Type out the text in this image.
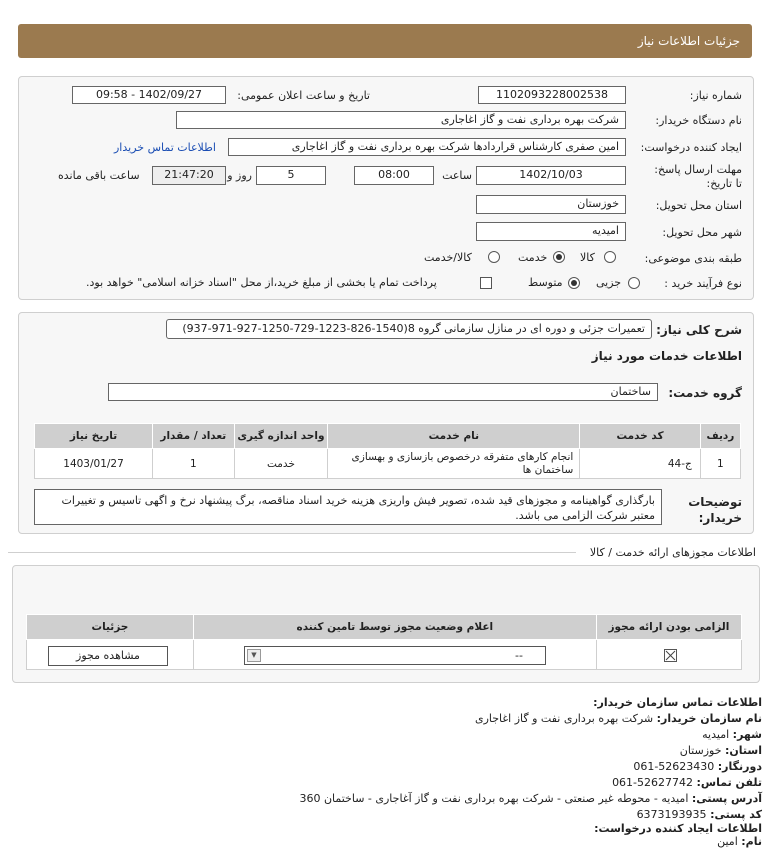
جزئیات اطلاعات نیاز
شماره نیاز:
1102093228002538
تاریخ و ساعت اعلان عمومی:
1402/09/27 - 09:58
نام دستگاه خریدار:
شرکت بهره برداری نفت و گاز اغاجاری
ایجاد کننده درخواست:
امین صفری کارشناس قراردادها شرکت بهره برداری نفت و گاز اغاجاری
اطلاعات تماس خریدار
مهلت ارسال پاسخ: تا تاریخ:
1402/10/03
ساعت
08:00
5
روز و
21:47:20
ساعت باقی مانده
استان محل تحویل:
خوزستان
شهر محل تحویل:
امیدیه
طبقه بندی موضوعی:
کالا
خدمت
کالا/خدمت
نوع فرآیند خرید :
جزیی
متوسط
پرداخت تمام یا بخشی از مبلغ خرید،از محل "اسناد خزانه اسلامی" خواهد بود.
شرح کلی نیاز:
تعمیرات جزئی و دوره ای در منازل سازمانی گروه 8(1540-826-1223-729-1250-927-971-937)
اطلاعات خدمات مورد نیاز
گروه خدمت:
ساختمان
تاریخ نیاز	تعداد / مقدار	واحد اندازه گیری	نام خدمت	کد خدمت	ردیف
1403/01/27	1	خدمت	انجام کارهای متفرقه درخصوص بازسازی و بهسازی ساختمان ها	ج-44	1
توضیحات خریدار:
بارگذاری گواهینامه و مجوزهای قید شده، تصویر فیش واریزی هزینه خرید اسناد مناقصه، برگ پیشنهاد نرخ و اگهی تاسیس و تغییرات معتبر شرکت الزامی می باشد.
اطلاعات مجوزهای ارائه خدمت / کالا
جزئیات	اعلام وضعیت مجوز توسط تامین کننده	الزامی بودن ارائه مجوز

مشاهده مجوز	▼	--
اطلاعات تماس سازمان خریدار:
نام سازمان خریدار: شرکت بهره برداری نفت و گاز اغاجاری
شهر: امیدیه
استان: خوزستان
دورنگار: 061-52623430
تلفن تماس: 061-52627742
آدرس پستی: امیدیه - محوطه غیر صنعتی - شرکت بهره برداری نفت و گاز آغاجاری - ساختمان 360
کد پستی: 6373193935
اطلاعات ایجاد کننده درخواست:
نام: امین
